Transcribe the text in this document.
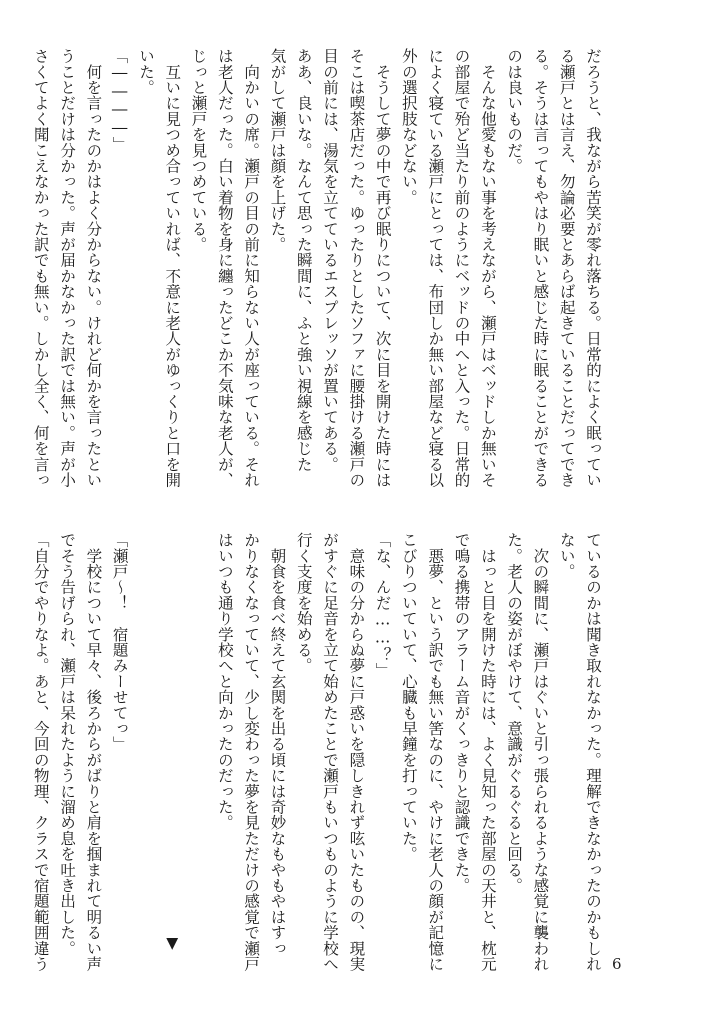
だろうと、我ながら苦笑が零れ落ちる。日常的によく眠ってい
る瀬戸とは言え、勿論必要とあらば起きていることだってでき
る。そうは言ってもやはり眠いと感じた時に眠ることができる
のは良いものだ。
　そんな他愛もない事を考えながら、瀬戸はベッドしか無いそ
の部屋で殆ど当たり前のようにベッドの中へと入った。日常的
によく寝ている瀬戸にとっては、布団しか無い部屋など寝る以
外の選択肢などない。
　そうして夢の中で再び眠りについて、次に目を開けた時には
そこは喫茶店だった。ゆったりとしたソファに腰掛ける瀬戸の
目の前には、湯気を立てているエスプレッソが置いてある。
ああ、良いな。なんて思った瞬間に、ふと強い視線を感じた
気がして瀬戸は顔を上げた。
　向かいの席。瀬戸の目の前に知らない人が座っている。それ
は老人だった。白い着物を身に纏ったどこか不気味な老人が、
じっと瀬戸を見つめている。
　互いに見つめ合っていれば、不意に老人がゆっくりと口を開
いた。
「――――」
　何を言ったのかはよく分からない。けれど何かを言ったとい
うことだけは分かった。声が届かなかった訳では無い。声が小
さくてよく聞こえなかった訳でも無い。しかし全く、何を言っ
ているのかは聞き取れなかった。理解できなかったのかもしれ
ない。
　次の瞬間に、瀬戸はぐいと引っ張られるような感覚に襲われ
た。老人の姿がぼやけて、意識がぐるぐると回る。
　はっと目を開けた時には、よく見知った部屋の天井と、枕元
で鳴る携帯のアラーム音がくっきりと認識できた。
　悪夢、という訳でも無い筈なのに、やけに老人の顔が記憶に
こびりついていて、心臓も早鐘を打っていた。
「な、んだ……？」
　意味の分からぬ夢に戸惑いを隠しきれず呟いたものの、現実
がすぐに足音を立て始めたことで瀬戸もいつものように学校へ
行く支度を始める。
　朝食を食べ終えて玄関を出る頃には奇妙なもやもやはすっ
かりなくなっていて、少し変わった夢を見ただけの感覚で瀬戸
はいつも通り学校へと向かったのだった。

▼

「瀬戸～！　宿題みーせてっ」
　学校について早々、後ろからがばりと肩を掴まれて明るい声
でそう告げられ、瀬戸は呆れたように溜め息を吐き出した。
「自分でやりなよ。あと、今回の物理、クラスで宿題範囲違う	6
